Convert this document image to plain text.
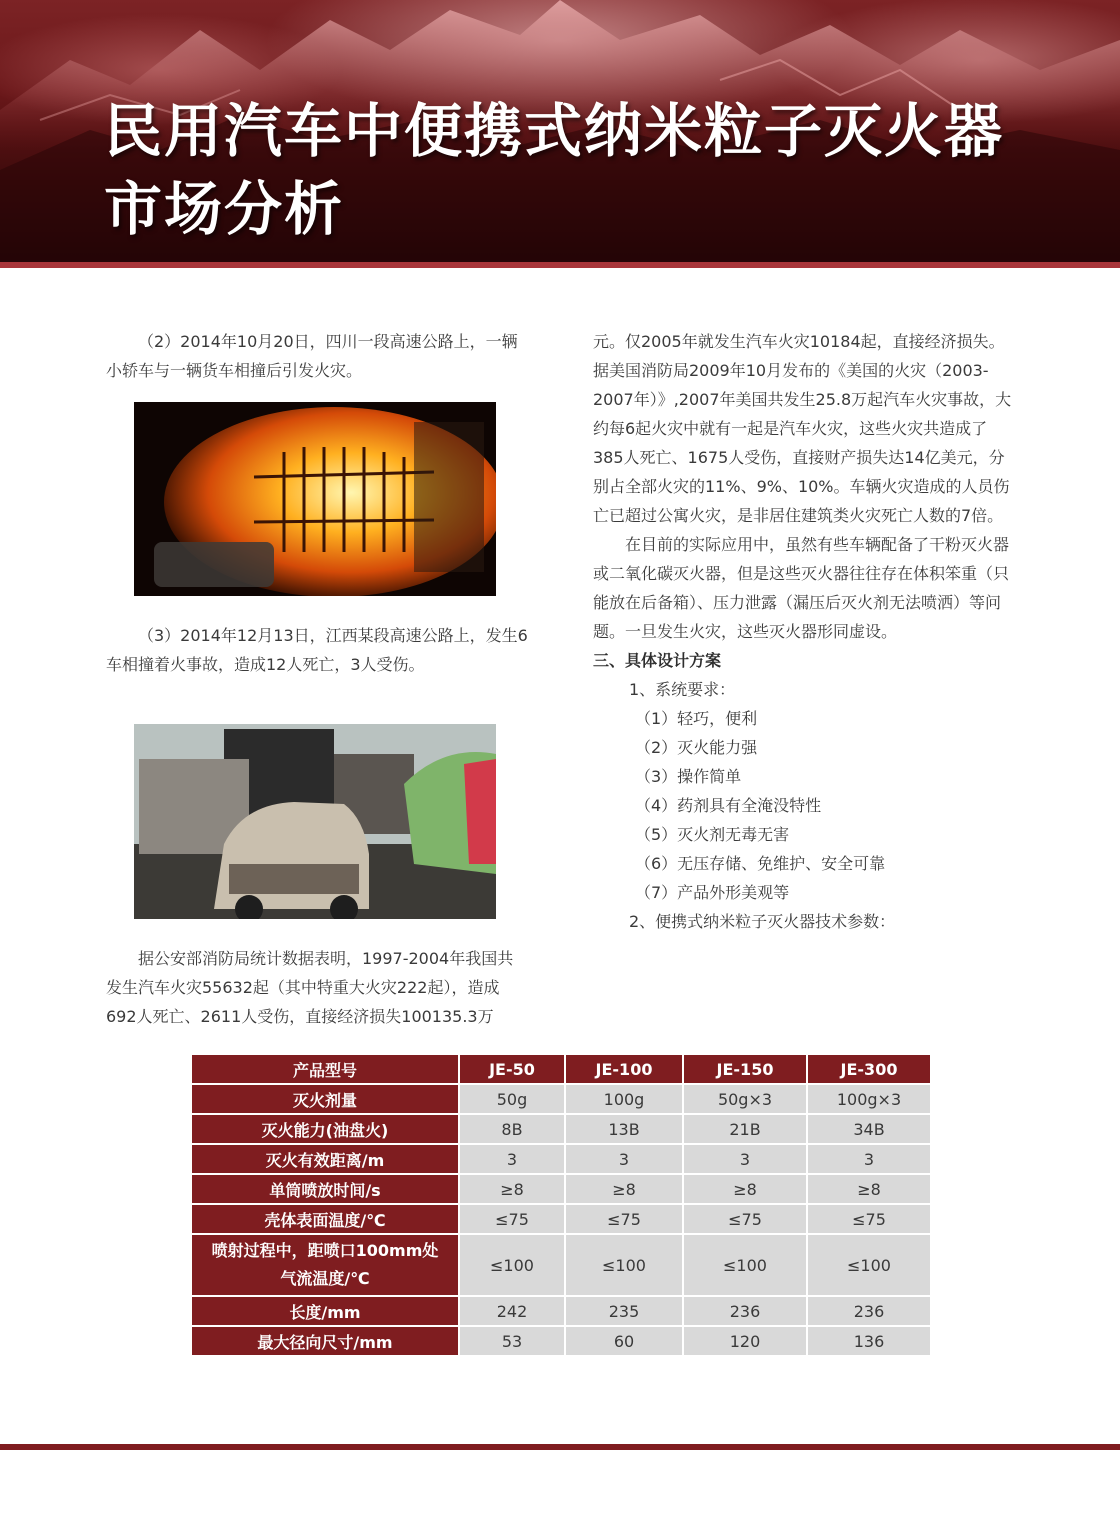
民用汽车中便携式纳米粒子灭火器
市场分析

（2）2014年10月20日，四川一段高速公路上，一辆小轿车与一辆货车相撞后引发火灾。

（3）2014年12月13日，江西某段高速公路上，发生6车相撞着火事故，造成12人死亡，3人受伤。

据公安部消防局统计数据表明，1997-2004年我国共发生汽车火灾55632起（其中特重大火灾222起），造成692人死亡、2611人受伤，直接经济损失100135.3万

元。仅2005年就发生汽车火灾10184起，直接经济损失。据美国消防局2009年10月发布的《美国的火灾（2003-2007年）》,2007年美国共发生25.8万起汽车火灾事故，大约每6起火灾中就有一起是汽车火灾，这些火灾共造成了385人死亡、1675人受伤，直接财产损失达14亿美元，分别占全部火灾的11%、9%、10%。车辆火灾造成的人员伤亡已超过公寓火灾，是非居住建筑类火灾死亡人数的7倍。

在目前的实际应用中，虽然有些车辆配备了干粉灭火器或二氧化碳灭火器，但是这些灭火器往往存在体积笨重（只能放在后备箱）、压力泄露（漏压后灭火剂无法喷洒）等问题。一旦发生火灾，这些灭火器形同虚设。

三、具体设计方案

1、系统要求：

（1）轻巧，便利

（2）灭火能力强

（3）操作简单

（4）药剂具有全淹没特性

（5）灭火剂无毒无害

（6）无压存储、免维护、安全可靠

（7）产品外形美观等

2、便携式纳米粒子灭火器技术参数：

产品型号	JE-50	JE-100	JE-150	JE-300
灭火剂量	50g	100g	50g×3	100g×3
灭火能力(油盘火)	8B	13B	21B	34B
灭火有效距离/m	3	3	3	3
单筒喷放时间/s	≥8	≥8	≥8	≥8
壳体表面温度/℃	≤75	≤75	≤75	≤75
喷射过程中，距喷口100mm处
气流温度/℃	≤100	≤100	≤100	≤100
长度/mm	242	235	236	236
最大径向尺寸/mm	53	60	120	136
